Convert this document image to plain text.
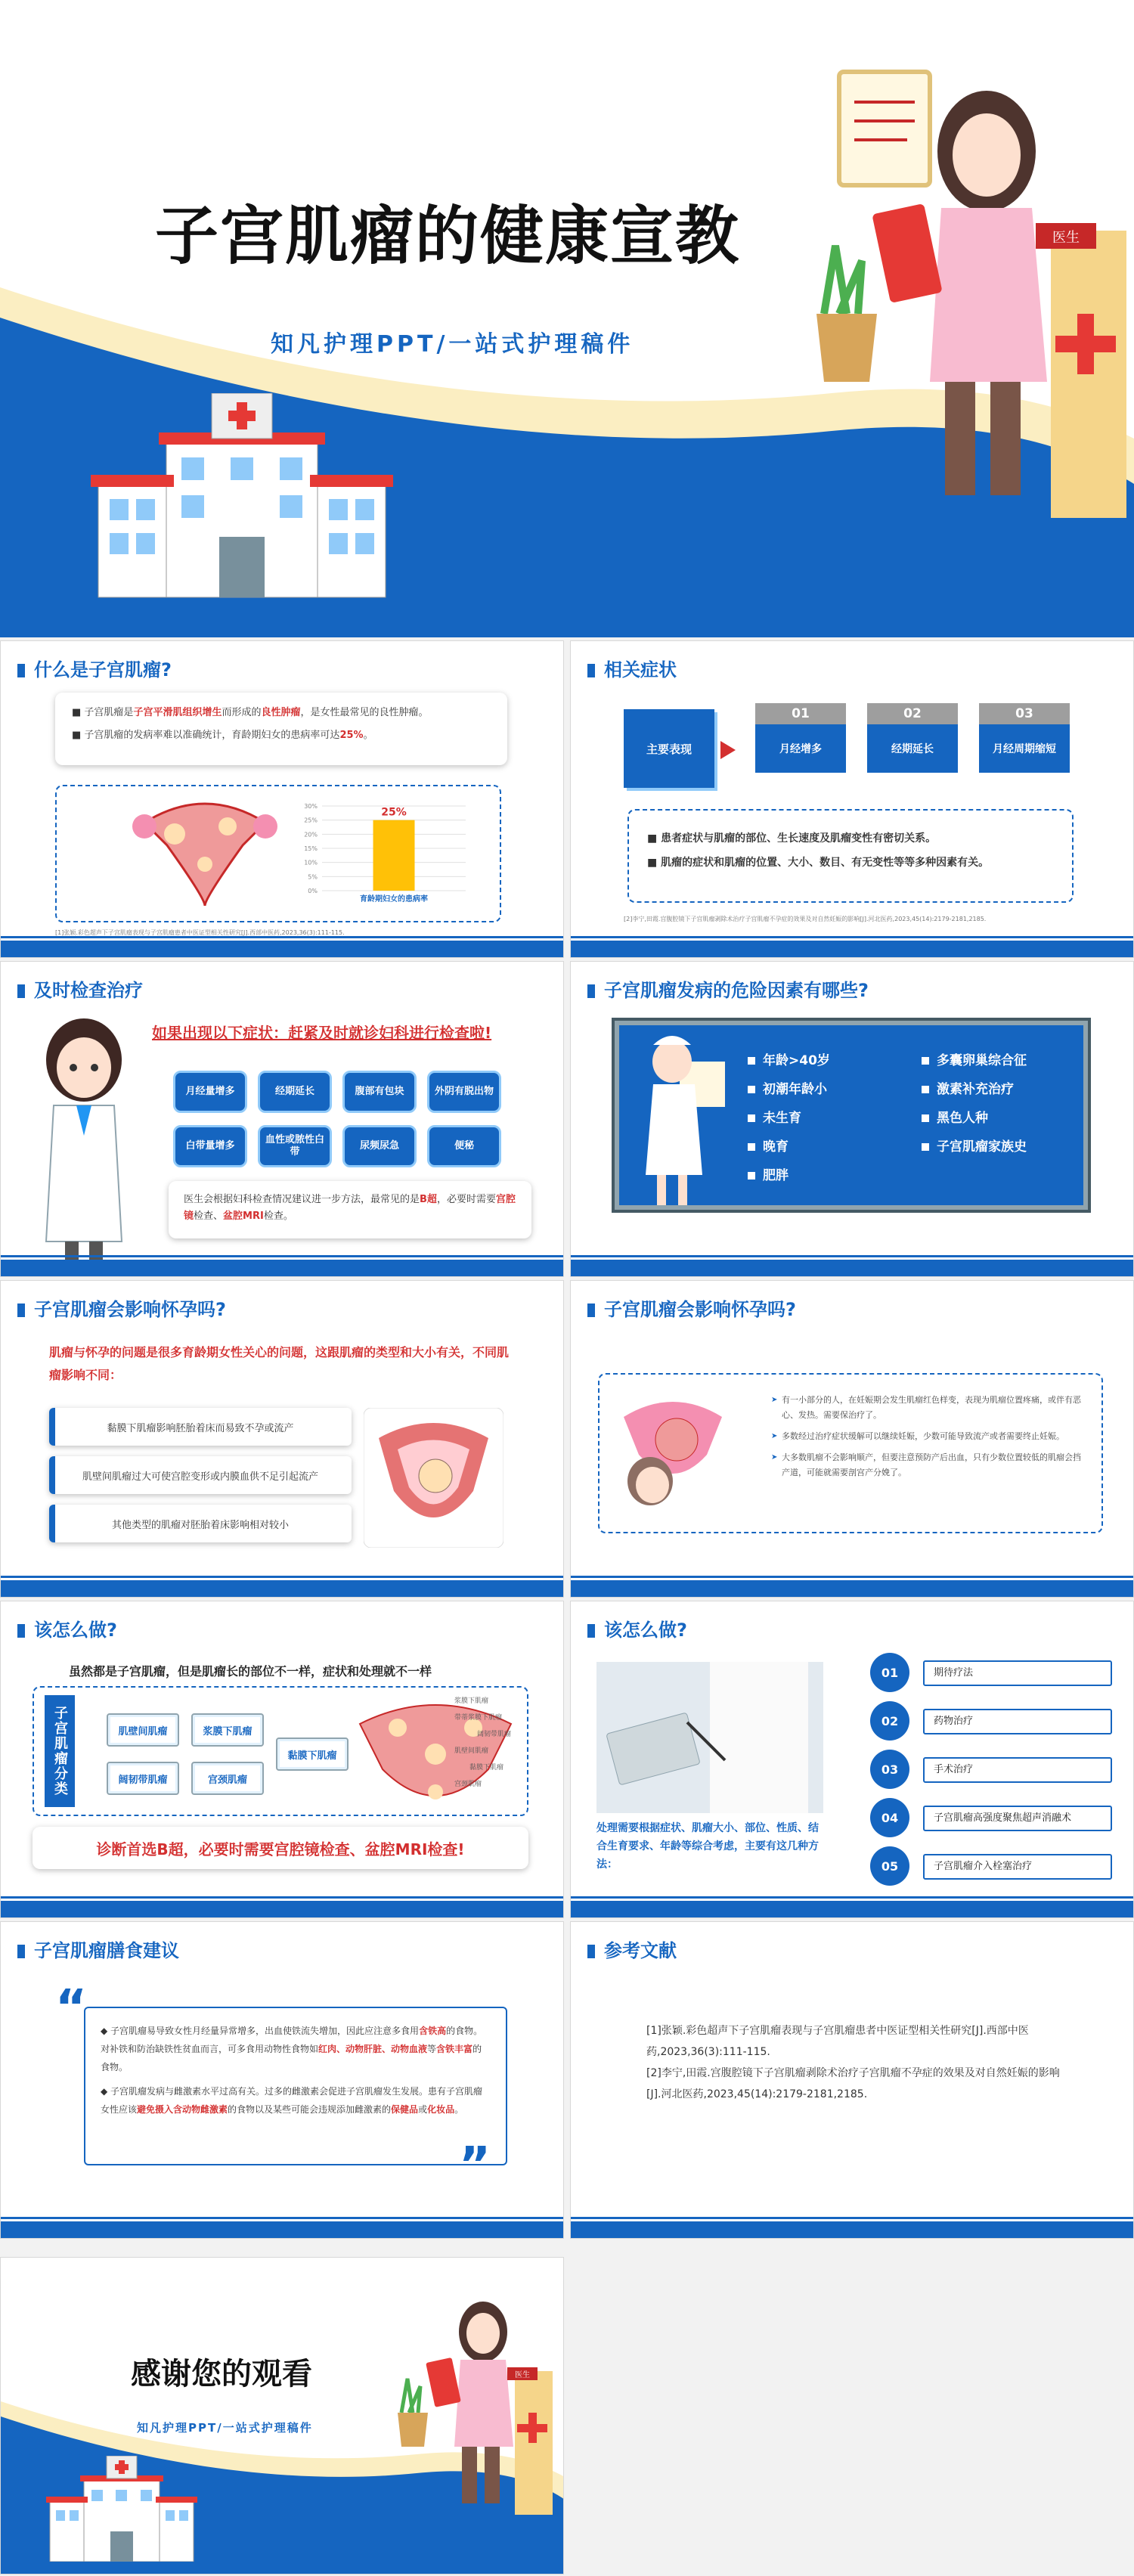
子宫肌瘤的健康宣教
知凡护理PPT/一站式护理稿件
医生
什么是子宫肌瘤?
■ 子宫肌瘤是子宫平滑肌组织增生而形成的良性肿瘤，是女性最常见的良性肿瘤。
■ 子宫肌瘤的发病率难以准确统计，育龄期妇女的患病率可达25%。
30%
25%
20%
15%
10%
5%
0%
25%
育龄期妇女的患病率
[1]张颖.彩色超声下子宫肌瘤表现与子宫肌瘤患者中医证型相关性研究[J].西部中医药,2023,36(3):111-115.
相关症状
主要表现
01
月经增多
02
经期延长
03
月经周期缩短
■ 患者症状与肌瘤的部位、生长速度及肌瘤变性有密切关系。
■ 肌瘤的症状和肌瘤的位置、大小、数目、有无变性等等多种因素有关。
[2]李宁,田霞.宫腹腔镜下子宫肌瘤剥除术治疗子宫肌瘤不孕症的效果及对自然妊娠的影响[J].河北医药,2023,45(14):2179-2181,2185.
及时检查治疗
如果出现以下症状：赶紧及时就诊妇科进行检查啦!
月经量增多	经期延长	腹部有包块	外阴有脱出物
白带量增多
血性或脓性白带
尿频尿急	便秘
医生会根据妇科检查情况建议进一步方法，最常见的是B超，必要时需要宫腔镜检查、盆腔MRI检查。
子宫肌瘤发病的危险因素有哪些?
年龄>40岁
初潮年龄小
未生育
晚育
肥胖
多囊卵巢综合征
激素补充治疗
黑色人种
子宫肌瘤家族史
子宫肌瘤会影响怀孕吗?
肌瘤与怀孕的问题是很多育龄期女性关心的问题，这跟肌瘤的类型和大小有关，不同肌瘤影响不同：
黏膜下肌瘤影响胚胎着床而易致不孕或流产
肌壁间肌瘤过大可使宫腔变形或内膜血供不足引起流产
其他类型的肌瘤对胚胎着床影响相对较小
子宫肌瘤会影响怀孕吗?
有一小部分的人，在妊娠期会发生肌瘤红色样变，表现为肌瘤位置疼痛，或伴有恶心、发热。需要保治疗了。
➤
多数经过治疗症状缓解可以继续妊娠，少数可能导致流产或者需要终止妊娠。
➤
大多数肌瘤不会影响顺产，但要注意预防产后出血，只有少数位置较低的肌瘤会挡产道，可能就需要剖宫产分娩了。
➤
该怎么做?
虽然都是子宫肌瘤，但是肌瘤长的部位不一样，症状和处理就不一样
子宫肌瘤分类	肌壁间肌瘤	浆膜下肌瘤
阔韧带肌瘤	宫颈肌瘤
黏膜下肌瘤
浆膜下肌瘤
带蒂浆膜下肌瘤
阔韧带肌瘤
肌壁间肌瘤
黏膜下肌瘤
宫颈肌瘤
诊断首选B超，必要时需要宫腔镜检查、盆腔MRI检查!
该怎么做?
处理需要根据症状、肌瘤大小、部位、性质、结合生育要求、年龄等综合考虑，主要有这几种方法：
01	期待疗法
02	药物治疗
03	手术治疗
04	子宫肌瘤高强度聚焦超声消融术
05	子宫肌瘤介入栓塞治疗
子宫肌瘤膳食建议
“
”
◆ 子宫肌瘤易导致女性月经量异常增多，出血使铁流失增加，因此应注意多食用含铁高的食物。对补铁和防治缺铁性贫血而言，可多食用动物性食物如红肉、动物肝脏、动物血液等含铁丰富的食物。
◆ 子宫肌瘤发病与雌激素水平过高有关。过多的雌激素会促进子宫肌瘤发生发展。患有子宫肌瘤女性应该避免摄入含动物雌激素的食物以及某些可能会违规添加雌激素的保健品或化妆品。
参考文献
[1]张颖.彩色超声下子宫肌瘤表现与子宫肌瘤患者中医证型相关性研究[J].西部中医药,2023,36(3):111-115.
[2]李宁,田霞.宫腹腔镜下子宫肌瘤剥除术治疗子宫肌瘤不孕症的效果及对自然妊娠的影响[J].河北医药,2023,45(14):2179-2181,2185.
感谢您的观看
知凡护理PPT/一站式护理稿件
医生
